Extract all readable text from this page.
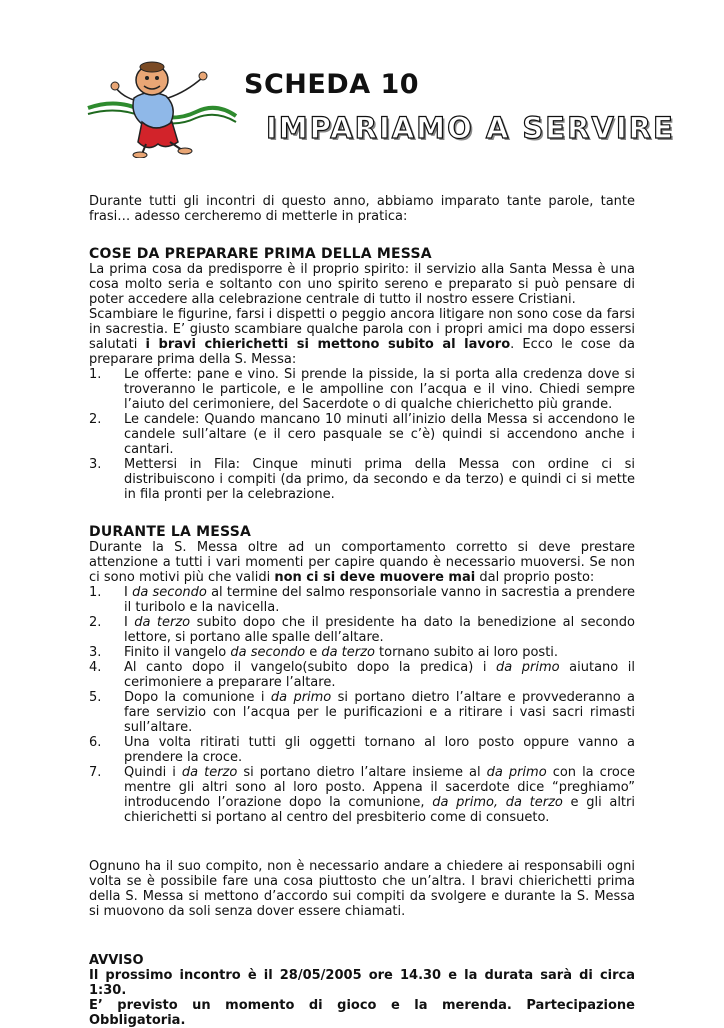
SCHEDA 10
IMPARIAMO A SERVIRE

Durante tutti gli incontri di questo anno, abbiamo imparato tante parole, tante frasi… adesso cercheremo di metterle in pratica:

COSE DA PREPARARE PRIMA DELLA MESSA

La prima cosa da predisporre è il proprio spirito: il servizio alla Santa Messa è una cosa molto seria e soltanto con uno spirito sereno e preparato si può pensare di poter accedere alla celebrazione centrale di tutto il nostro essere Cristiani.

Scambiare le figurine, farsi i dispetti o peggio ancora litigare non sono cose da farsi in sacrestia. E’ giusto scambiare qualche parola con i propri amici ma dopo essersi salutati i bravi chierichetti si mettono subito al lavoro. Ecco le cose da preparare prima della S. Messa:

1. Le offerte: pane e vino. Si prende la pisside, la si porta alla credenza dove si troveranno le particole, e le ampolline con l’acqua e il vino. Chiedi sempre l’aiuto del cerimoniere, del Sacerdote o di qualche chierichetto più grande.
2. Le candele: Quando mancano 10 minuti all’inizio della Messa si accendono le candele sull’altare (e il cero pasquale se c’è) quindi si accendono anche i cantari.
3. Mettersi in Fila: Cinque minuti prima della Messa con ordine ci si distribuiscono i compiti (da primo, da secondo e da terzo) e quindi ci si mette in fila pronti per la celebrazione.
DURANTE LA MESSA

Durante la S. Messa oltre ad un comportamento corretto si deve prestare attenzione a tutti i vari momenti per capire quando è necessario muoversi. Se non ci sono motivi più che validi non ci si deve muovere mai dal proprio posto:

1. I da secondo al termine del salmo responsoriale vanno in sacrestia a prendere il turibolo e la navicella.
2. I da terzo subito dopo che il presidente ha dato la benedizione al secondo lettore, si portano alle spalle dell’altare.
3. Finito il vangelo da secondo e da terzo tornano subito ai loro posti.
4. Al canto dopo il vangelo(subito dopo la predica) i da primo aiutano il cerimoniere a preparare l’altare.
5. Dopo la comunione i da primo si portano dietro l’altare e provvederanno a fare servizio con l’acqua per le purificazioni e a ritirare i vasi sacri rimasti sull’altare.
6. Una volta ritirati tutti gli oggetti tornano al loro posto oppure vanno a prendere la croce.
7. Quindi i da terzo si portano dietro l’altare insieme al da primo con la croce mentre gli altri sono al loro posto. Appena il sacerdote dice “preghiamo” introducendo l’orazione dopo la comunione, da primo, da terzo e gli altri chierichetti si portano al centro del presbiterio come di consueto.

Ognuno ha il suo compito, non è necessario andare a chiedere ai responsabili ogni volta se è possibile fare una cosa piuttosto che un’altra. I bravi chierichetti prima della S. Messa si mettono d’accordo sui compiti da svolgere e durante la S. Messa si muovono da soli senza dover essere chiamati.

AVVISO

Il prossimo incontro è il 28/05/2005 ore 14.30 e la durata sarà di circa 1:30.

E’ previsto un momento di gioco e la merenda. Partecipazione Obbligatoria.
